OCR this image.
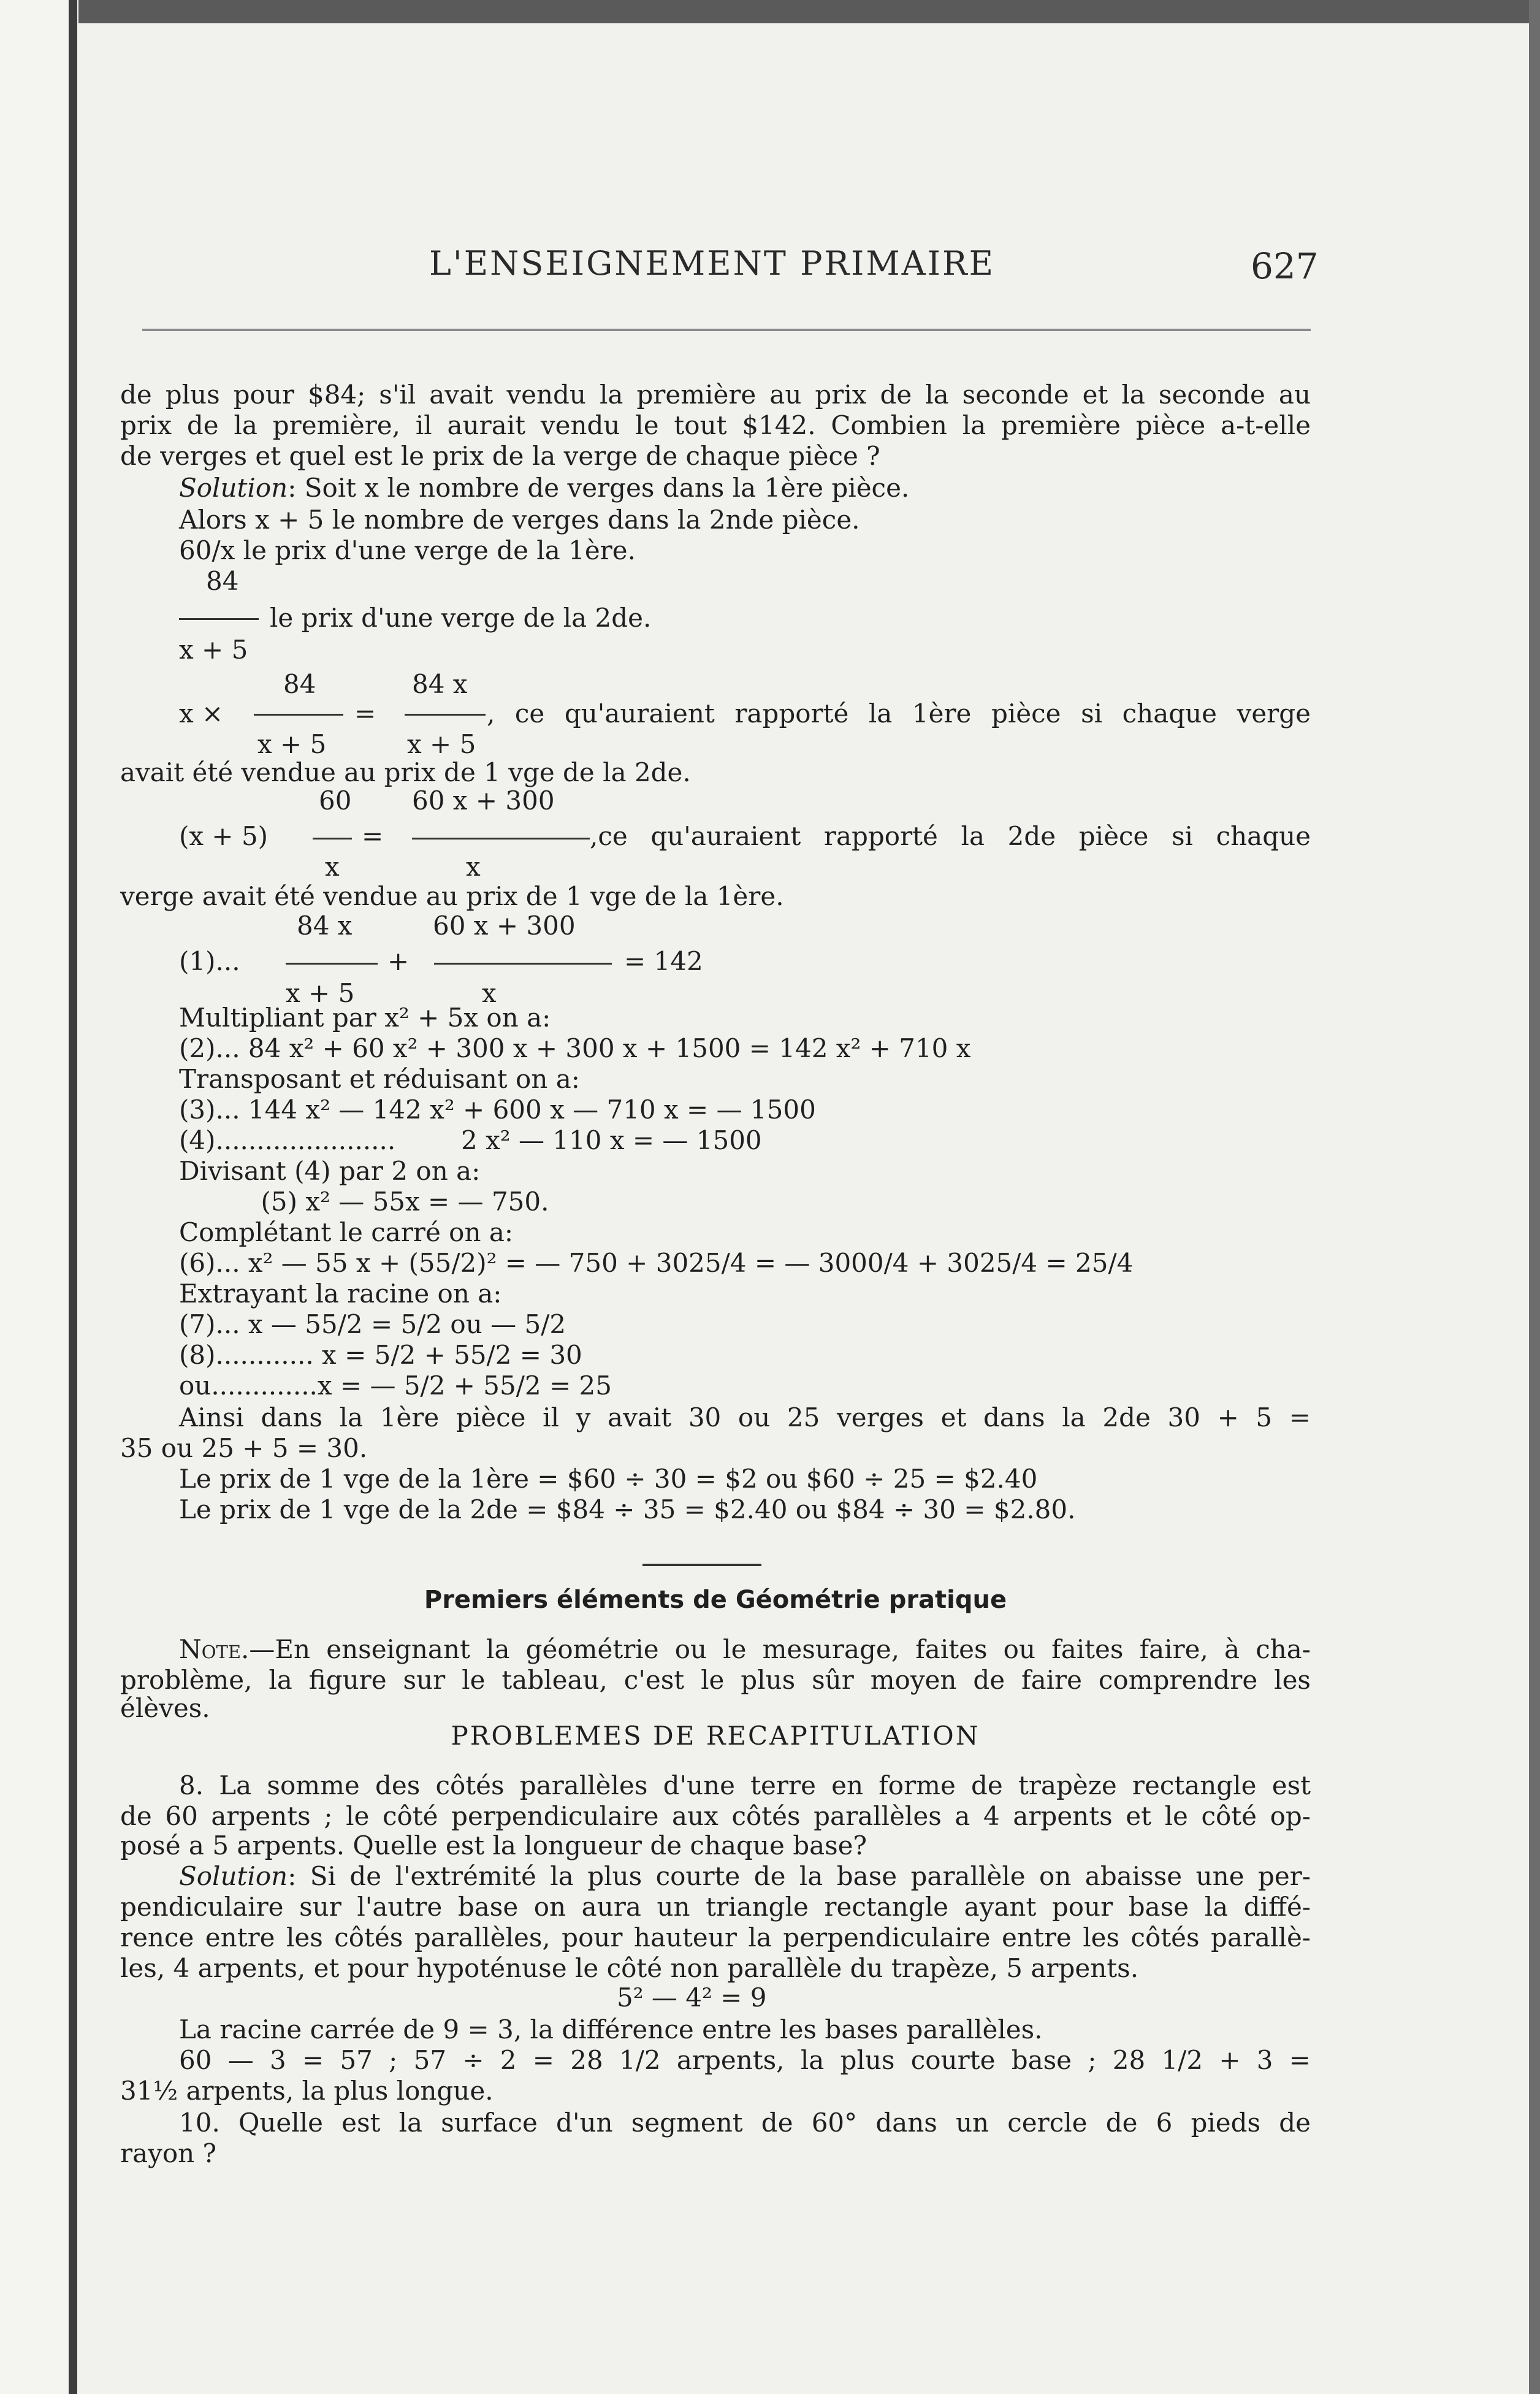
L'ENSEIGNEMENT PRIMAIRE	627
de plus pour $84; s'il avait vendu la première au prix de la seconde et la seconde au
prix de la première, il aurait vendu le tout $142. Combien la première pièce a-t-elle
de verges et quel est le prix de la verge de chaque pièce ?
Solution: Soit x le nombre de verges dans la 1ère pièce.
Alors x + 5 le nombre de verges dans la 2nde pièce.
60/x le prix d'une verge de la 1ère.
84
le prix d'une verge de la 2de.
x + 5
84	84 x
x ×	=	, ce qu'auraient rapporté la 1ère pièce si chaque verge
x + 5	x + 5
avait été vendue au prix de 1 vge de la 2de.
60 60 x + 300
(x + 5)	=	,ce qu'auraient rapporté la 2de pièce si chaque
x	x
verge avait été vendue au prix de 1 vge de la 1ère.
84 x	60 x + 300
(1)...	+	= 142
x + 5	x
Multipliant par x² + 5x on a:
(2)... 84 x² + 60 x² + 300 x + 300 x + 1500 = 142 x² + 710 x
Transposant et réduisant on a:
(3)... 144 x² — 142 x² + 600 x — 710 x = — 1500
(4)......................        2 x² — 110 x = — 1500
Divisant (4) par 2 on a:
(5) x² — 55x = — 750.
Complétant le carré on a:
(6)... x² — 55 x + (55/2)² = — 750 + 3025/4 = — 3000/4 + 3025/4 = 25/4
Extrayant la racine on a:
(7)... x — 55/2 = 5/2 ou — 5/2
(8)............ x = 5/2 + 55/2 = 30
ou.............x = — 5/2 + 55/2 = 25
Ainsi dans la 1ère pièce il y avait 30 ou 25 verges et dans la 2de 30 + 5 =
35 ou 25 + 5 = 30.
Le prix de 1 vge de la 1ère = $60 ÷ 30 = $2 ou $60 ÷ 25 = $2.40
Le prix de 1 vge de la 2de = $84 ÷ 35 = $2.40 ou $84 ÷ 30 = $2.80.
Premiers éléments de Géométrie pratique
Note.—En enseignant la géométrie ou le mesurage, faites ou faites faire, à cha-
problème, la figure sur le tableau, c'est le plus sûr moyen de faire comprendre les
élèves.
PROBLEMES DE RECAPITULATION
8. La somme des côtés parallèles d'une terre en forme de trapèze rectangle est
de 60 arpents ; le côté perpendiculaire aux côtés parallèles a 4 arpents et le côté op-
posé a 5 arpents. Quelle est la longueur de chaque base?
Solution: Si de l'extrémité la plus courte de la base parallèle on abaisse une per-
pendiculaire sur l'autre base on aura un triangle rectangle ayant pour base la diffé-
rence entre les côtés parallèles, pour hauteur la perpendiculaire entre les côtés parallè-
les, 4 arpents, et pour hypoténuse le côté non parallèle du trapèze, 5 arpents.
5² — 4² = 9
La racine carrée de 9 = 3, la différence entre les bases parallèles.
60 — 3 = 57 ; 57 ÷ 2 = 28 1/2 arpents, la plus courte base ; 28 1/2 + 3 =
31½ arpents, la plus longue.
10. Quelle est la surface d'un segment de 60° dans un cercle de 6 pieds de
rayon ?
